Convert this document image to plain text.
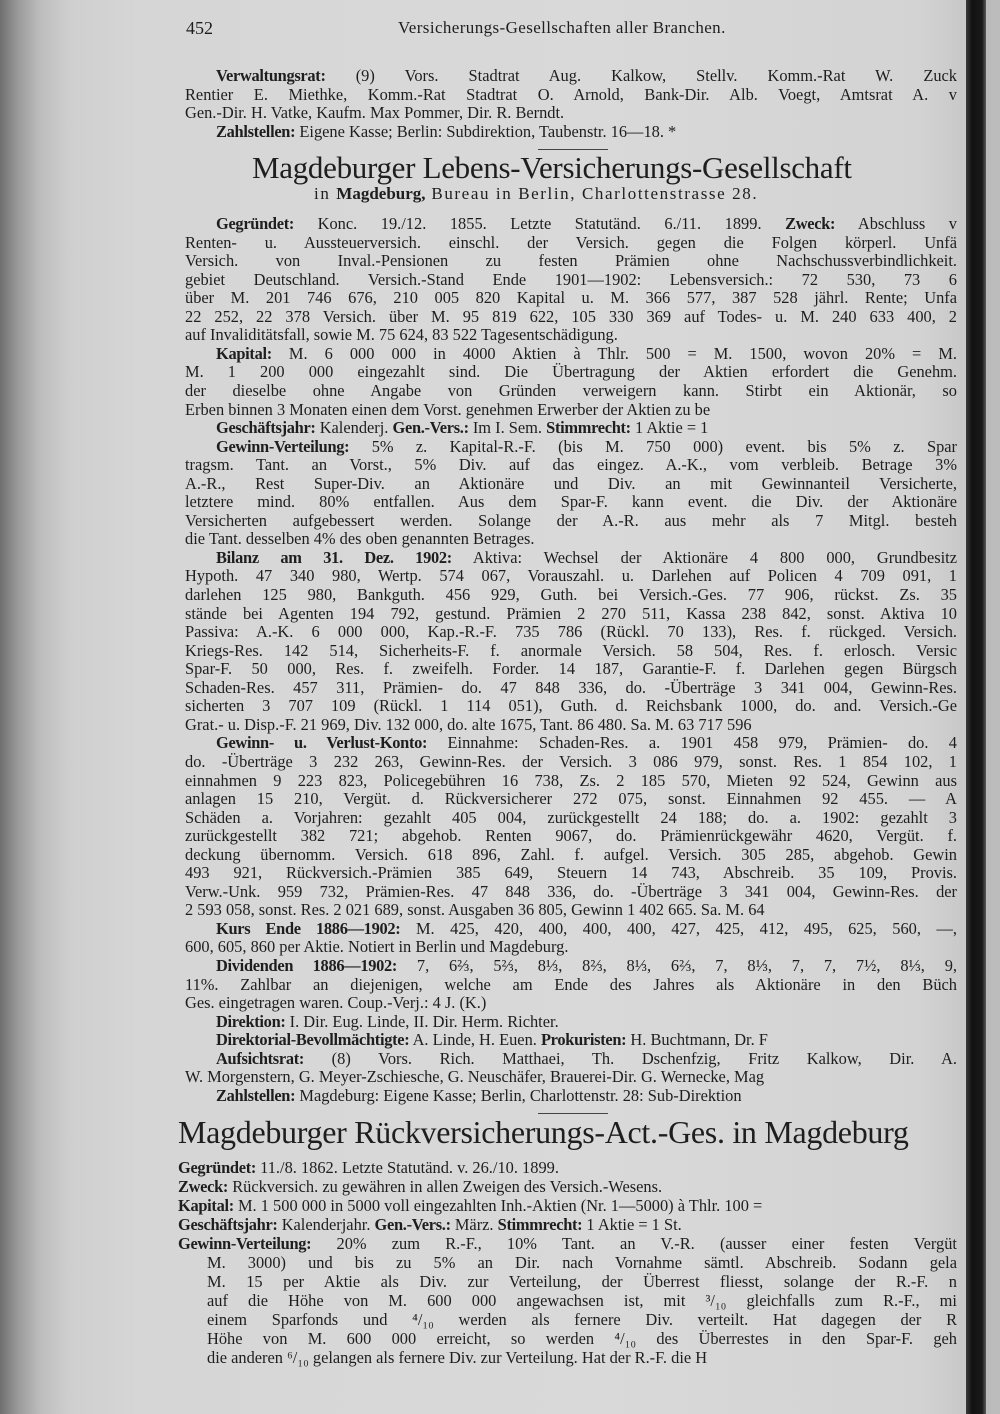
452	Versicherungs-Gesellschaften aller Branchen.
Verwaltungsrat: (9) Vors. Stadtrat Aug. Kalkow, Stellv. Komm.-Rat W. Zuck
Rentier E. Miethke, Komm.-Rat Stadtrat O. Arnold, Bank-Dir. Alb. Voegt, Amtsrat A. v
Gen.-Dir. H. Vatke, Kaufm. Max Pommer, Dir. R. Berndt.
Zahlstellen: Eigene Kasse; Berlin: Subdirektion, Taubenstr. 16—18. *
Magdeburger Lebens-Versicherungs-Gesellschaft
in Magdeburg, Bureau in Berlin, Charlottenstrasse 28.
Gegründet: Konc. 19./12. 1855. Letzte Statutänd. 6./11. 1899. Zweck: Abschluss v
Renten- u. Aussteuerversich. einschl. der Versich. gegen die Folgen körperl. Unfä
Versich. von Inval.-Pensionen zu festen Prämien ohne Nachschussverbindlichkeit.
gebiet Deutschland. Versich.-Stand Ende 1901—1902: Lebensversich.: 72 530, 73 6
über M. 201 746 676, 210 005 820 Kapital u. M. 366 577, 387 528 jährl. Rente; Unfa
22 252, 22 378 Versich. über M. 95 819 622, 105 330 369 auf Todes- u. M. 240 633 400, 2
auf Invaliditätsfall, sowie M. 75 624, 83 522 Tagesentschädigung.
Kapital: M. 6 000 000 in 4000 Aktien à Thlr. 500 = M. 1500, wovon 20% = M.
M. 1 200 000 eingezahlt sind. Die Übertragung der Aktien erfordert die Genehm.
der dieselbe ohne Angabe von Gründen verweigern kann. Stirbt ein Aktionär, so
Erben binnen 3 Monaten einen dem Vorst. genehmen Erwerber der Aktien zu be
Geschäftsjahr: Kalenderj. Gen.-Vers.: Im I. Sem. Stimmrecht: 1 Aktie = 1
Gewinn-Verteilung: 5% z. Kapital-R.-F. (bis M. 750 000) event. bis 5% z. Spar
tragsm. Tant. an Vorst., 5% Div. auf das eingez. A.-K., vom verbleib. Betrage 3%
A.-R., Rest Super-Div. an Aktionäre und Div. an mit Gewinnanteil Versicherte,
letztere mind. 80% entfallen. Aus dem Spar-F. kann event. die Div. der Aktionäre
Versicherten aufgebessert werden. Solange der A.-R. aus mehr als 7 Mitgl. besteh
die Tant. desselben 4% des oben genannten Betrages.
Bilanz am 31. Dez. 1902: Aktiva: Wechsel der Aktionäre 4 800 000, Grundbesitz
Hypoth. 47 340 980, Wertp. 574 067, Vorauszahl. u. Darlehen auf Policen 4 709 091, 1
darlehen 125 980, Bankguth. 456 929, Guth. bei Versich.-Ges. 77 906, rückst. Zs. 35
stände bei Agenten 194 792, gestund. Prämien 2 270 511, Kassa 238 842, sonst. Aktiva 10
Passiva: A.-K. 6 000 000, Kap.-R.-F. 735 786 (Rückl. 70 133), Res. f. rückged. Versich.
Kriegs-Res. 142 514, Sicherheits-F. f. anormale Versich. 58 504, Res. f. erlosch. Versic
Spar-F. 50 000, Res. f. zweifelh. Forder. 14 187, Garantie-F. f. Darlehen gegen Bürgsch
Schaden-Res. 457 311, Prämien- do. 47 848 336, do. -Überträge 3 341 004, Gewinn-Res.
sicherten 3 707 109 (Rückl. 1 114 051), Guth. d. Reichsbank 1000, do. and. Versich.-Ge
Grat.- u. Disp.-F. 21 969, Div. 132 000, do. alte 1675, Tant. 86 480. Sa. M. 63 717 596
Gewinn- u. Verlust-Konto: Einnahme: Schaden-Res. a. 1901 458 979, Prämien- do. 4
do. -Überträge 3 232 263, Gewinn-Res. der Versich. 3 086 979, sonst. Res. 1 854 102, 1
einnahmen 9 223 823, Policegebühren 16 738, Zs. 2 185 570, Mieten 92 524, Gewinn aus
anlagen 15 210, Vergüt. d. Rückversicherer 272 075, sonst. Einnahmen 92 455. — A
Schäden a. Vorjahren: gezahlt 405 004, zurückgestellt 24 188; do. a. 1902: gezahlt 3
zurückgestellt 382 721; abgehob. Renten 9067, do. Prämienrückgewähr 4620, Vergüt. f.
deckung übernomm. Versich. 618 896, Zahl. f. aufgel. Versich. 305 285, abgehob. Gewin
493 921, Rückversich.-Prämien 385 649, Steuern 14 743, Abschreib. 35 109, Provis.
Verw.-Unk. 959 732, Prämien-Res. 47 848 336, do. -Überträge 3 341 004, Gewinn-Res. der
2 593 058, sonst. Res. 2 021 689, sonst. Ausgaben 36 805, Gewinn 1 402 665. Sa. M. 64
Kurs Ende 1886—1902: M. 425, 420, 400, 400, 400, 427, 425, 412, 495, 625, 560, —,
600, 605, 860 per Aktie. Notiert in Berlin und Magdeburg.
Dividenden 1886—1902: 7, 6⅔, 5⅔, 8⅓, 8⅔, 8⅓, 6⅔, 7, 8⅓, 7, 7, 7½, 8⅓, 9,
11%. Zahlbar an diejenigen, welche am Ende des Jahres als Aktionäre in den Büch
Ges. eingetragen waren. Coup.-Verj.: 4 J. (K.)
Direktion: I. Dir. Eug. Linde, II. Dir. Herm. Richter.
Direktorial-Bevollmächtigte: A. Linde, H. Euen. Prokuristen: H. Buchtmann, Dr. F
Aufsichtsrat: (8) Vors. Rich. Matthaei, Th. Dschenfzig, Fritz Kalkow, Dir. A.
W. Morgenstern, G. Meyer-Zschiesche, G. Neuschäfer, Brauerei-Dir. G. Wernecke, Mag
Zahlstellen: Magdeburg: Eigene Kasse; Berlin, Charlottenstr. 28: Sub-Direktion
Magdeburger Rückversicherungs-Act.-Ges. in Magdeburg
Gegründet: 11./8. 1862. Letzte Statutänd. v. 26./10. 1899.
Zweck: Rückversich. zu gewähren in allen Zweigen des Versich.-Wesens.
Kapital: M. 1 500 000 in 5000 voll eingezahlten Inh.-Aktien (Nr. 1—5000) à Thlr. 100 =
Geschäftsjahr: Kalenderjahr. Gen.-Vers.: März. Stimmrecht: 1 Aktie = 1 St.
Gewinn-Verteilung: 20% zum R.-F., 10% Tant. an V.-R. (ausser einer festen Vergüt
M. 3000) und bis zu 5% an Dir. nach Vornahme sämtl. Abschreib. Sodann gela
M. 15 per Aktie als Div. zur Verteilung, der Überrest fliesst, solange der R.-F. n
auf die Höhe von M. 600 000 angewachsen ist, mit ³/₁₀ gleichfalls zum R.-F., mi
einem Sparfonds und ⁴/₁₀ werden als fernere Div. verteilt. Hat dagegen der R
Höhe von M. 600 000 erreicht, so werden ⁴/₁₀ des Überrestes in den Spar-F. geh
die anderen ⁶/₁₀ gelangen als fernere Div. zur Verteilung. Hat der R.-F. die H
